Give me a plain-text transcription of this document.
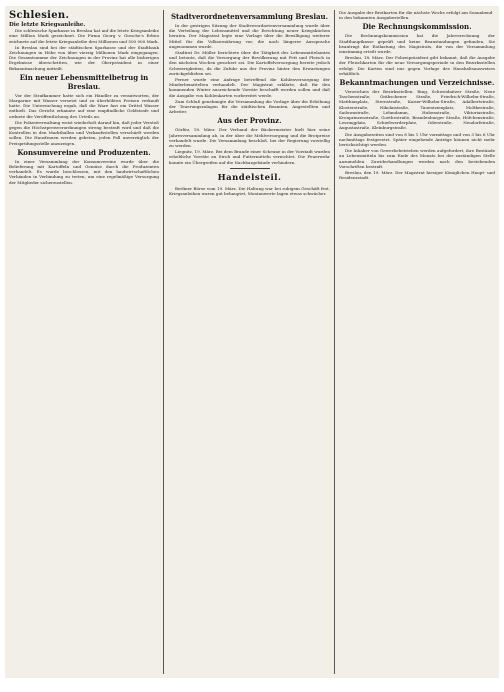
Schlesien.
Die letzte Kriegsanleihe.

Die schlesische Sparkasse in Breslau hat auf die letzte Kriegsanleihe eine Million Mark gezeichnet. Die Firma Georg v. Giesche's Erben zeichnete auf die letzte Kriegsanleihe drei Millionen und 500 000 Mark.

In Breslau sind bei der städtischen Sparkasse und der Stadtbank Zeichnungen in Höhe von über vierzig Millionen Mark eingegangen. Die Gesamtsumme der Zeichnungen in der Provinz hat alle bisherigen Ergebnisse überschritten, wie der Oberpräsident in einer Bekanntmachung mitteilt.

Ein neuer Lebensmittelbetrug in Breslau.

Vor der Strafkammer hatte sich ein Händler zu verantworten, der Margarine mit Wasser versetzt und zu überhöhten Preisen verkauft hatte. Die Untersuchung ergab, daß die Ware fast ein Drittel Wasser enthielt. Das Gericht erkannte auf eine empfindliche Geldstrafe und ordnete die Veröffentlichung des Urteils an.

Die Polizeiverwaltung weist wiederholt darauf hin, daß jeder Verstoß gegen die Höchstpreisverordnungen streng bestraft wird und daß die Kontrollen in den Markthallen und Verkaufsstellen verschärft werden sollen. Die Hausfrauen werden gebeten, jeden Fall unverzüglich der Preisprüfungsstelle anzuzeigen.

Konsumvereine und Produzenten.

In einer Versammlung der Konsumvereine wurde über die Belieferung mit Kartoffeln und Gemüse durch die Produzenten verhandelt. Es wurde beschlossen, mit den landwirtschaftlichen Verbänden in Verbindung zu treten, um eine regelmäßige Versorgung der Mitglieder sicherzustellen.

Stadtverordnetenversammlung Breslau.

In der gestrigen Sitzung der Stadtverordnetenversammlung wurde über die Verteilung der Lebensmittel und die Errichtung neuer Kriegsküchen beraten. Der Magistrat legte eine Vorlage über die Bewilligung weiterer Mittel für die Volksernährung vor, die nach längerer Aussprache angenommen wurde.

Stadtrat Dr. Müller berichtete über die Tätigkeit des Lebensmittelamtes und betonte, daß die Versorgung der Bevölkerung mit Fett und Fleisch in den nächsten Wochen gesichert sei. Die Kartoffelversorgung bereite jedoch Schwierigkeiten, da die Zufuhr aus der Provinz hinter den Erwartungen zurückgeblieben sei.

Ferner wurde eine Anfrage betreffend die Kohlenversorgung der Minderbemittelten verhandelt. Der Magistrat erklärte, daß für den kommenden Winter ausreichende Vorräte beschafft werden sollen und daß die Ausgabe von Kohlenkarten vorbereitet werde.

Zum Schluß genehmigte die Versammlung die Vorlage über die Erhöhung der Teuerungszulagen für die städtischen Beamten, Angestellten und Arbeiter.

Aus der Provinz.

Görlitz, 18. März. Der Verband der Bäckermeister hielt hier seine Jahresversammlung ab, in der über die Mehlversorgung und die Brotpreise verhandelt wurde. Die Versammlung beschloß, bei der Regierung vorstellig zu werden.

Liegnitz, 19. März. Bei dem Brande einer Scheune in der Vorstadt wurden erhebliche Vorräte an Stroh und Futtermitteln vernichtet. Die Feuerwehr konnte ein Übergreifen auf die Nachbargebäude verhindern.

Handelsteil.

Berliner Börse vom 19. März. Die Haltung war bei ruhigem Geschäft fest. Kriegsanleihen waren gut behauptet, Montanwerte lagen etwas schwächer.

Die Ausgabe der Brotkarten für die nächste Woche erfolgt am Sonnabend in den bekannten Ausgabestellen.
Die Rechnungskommission.

Die Rechnungskommission hat die Jahresrechnung der Stadthauptkasse geprüft und keine Beanstandungen gefunden. Sie beantragt die Entlastung des Magistrats, die von der Versammlung einstimmig erteilt wurde.

Breslau, 18. März. Der Polizeipräsident gibt bekannt, daß die Ausgabe der Fleischkarten für die neue Versorgungsperiode in den Bezirksstellen erfolgt. Die Karten sind nur gegen Vorlage des Haushaltsausweises erhältlich.

Bekanntmachungen und Verzeichnisse.

Verzeichnis der Bezirksstellen: Ring, Schweidnitzer Straße, Neue Taschenstraße, Gräbschener Straße, Friedrich-Wilhelm-Straße, Matthiasplatz, Sternstraße, Kaiser-Wilhelm-Straße, Adalbertstraße, Klosterstraße, Nikolaistraße, Tauentzienplatz, Moltkestraße, Sadowastraße, Lehmdamm, Hubenstraße, Viktoriastraße, Kronprinzenstraße, Goethestraße, Brandenburger Straße, Höfchenstraße, Lessingplatz, Schießwerderplatz, Oderstraße, Neudorfstraße, Augustastraße, Kleinburgstraße.

Die Ausgabezeiten sind von 8 bis 1 Uhr vormittags und von 3 bis 6 Uhr nachmittags festgesetzt. Später eingehende Anträge können nicht mehr berücksichtigt werden.

Die Inhaber von Gewerbebetrieben werden aufgefordert, ihre Bestände an Lebensmitteln bis zum Ende des Monats bei der zuständigen Stelle anzumelden. Zuwiderhandlungen werden nach den bestehenden Vorschriften bestraft.

Breslau, den 19. März. Der Magistrat hiesiger Königlichen Haupt- und Residenzstadt.
